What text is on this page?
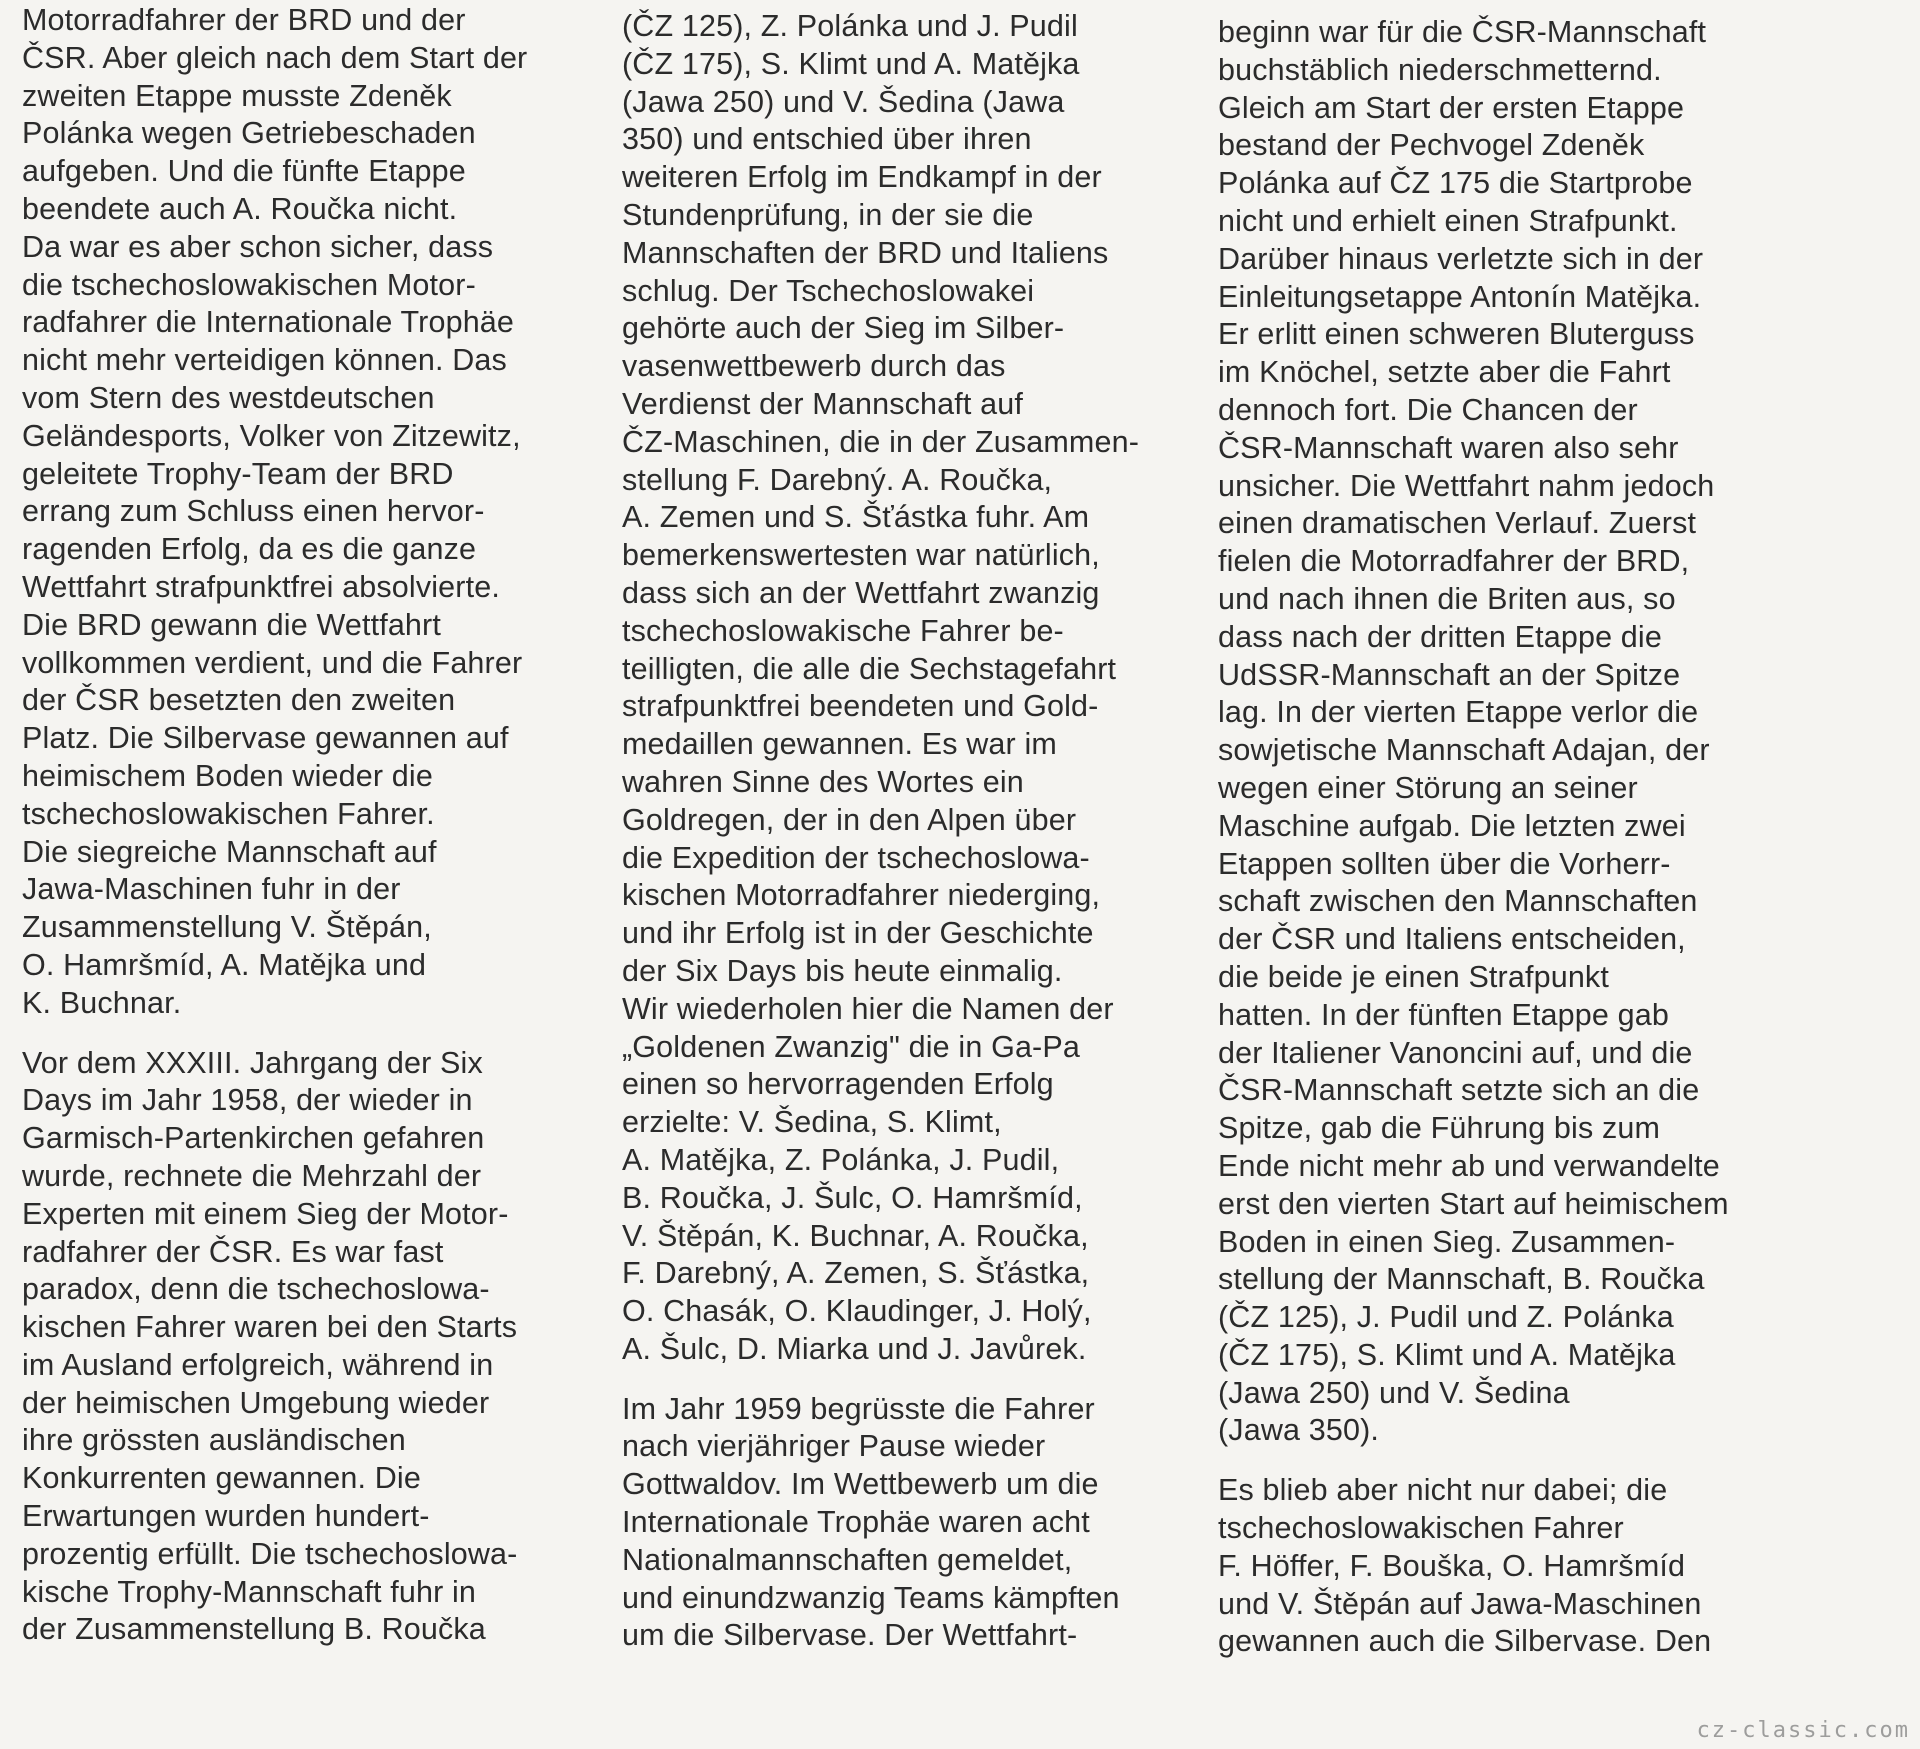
Motorradfahrer der BRD und der
ČSR. Aber gleich nach dem Start der
zweiten Etappe musste Zdeněk
Polánka wegen Getriebeschaden
aufgeben. Und die fünfte Etappe
beendete auch A. Roučka nicht.
Da war es aber schon sicher, dass
die tschechoslowakischen Motor-
radfahrer die Internationale Trophäe
nicht mehr verteidigen können. Das
vom Stern des westdeutschen
Geländesports, Volker von Zitzewitz,
geleitete Trophy-Team der BRD
errang zum Schluss einen hervor-
ragenden Erfolg, da es die ganze
Wettfahrt strafpunktfrei absolvierte.
Die BRD gewann die Wettfahrt
vollkommen verdient, und die Fahrer
der ČSR besetzten den zweiten
Platz. Die Silbervase gewannen auf
heimischem Boden wieder die
tschechoslowakischen Fahrer.
Die siegreiche Mannschaft auf
Jawa-Maschinen fuhr in der
Zusammenstellung V. Štěpán,
O. Hamršmíd, A. Matějka und
K. Buchnar.

Vor dem XXXIII. Jahrgang der Six
Days im Jahr 1958, der wieder in
Garmisch-Partenkirchen gefahren
wurde, rechnete die Mehrzahl der
Experten mit einem Sieg der Motor-
radfahrer der ČSR. Es war fast
paradox, denn die tschechoslowa-
kischen Fahrer waren bei den Starts
im Ausland erfolgreich, während in
der heimischen Umgebung wieder
ihre grössten ausländischen
Konkurrenten gewannen. Die
Erwartungen wurden hundert-
prozentig erfüllt. Die tschechoslowa-
kische Trophy-Mannschaft fuhr in
der Zusammenstellung B. Roučka

(ČZ 125), Z. Polánka und J. Pudil
(ČZ 175), S. Klimt und A. Matějka
(Jawa 250) und V. Šedina (Jawa
350) und entschied über ihren
weiteren Erfolg im Endkampf in der
Stundenprüfung, in der sie die
Mannschaften der BRD und Italiens
schlug. Der Tschechoslowakei
gehörte auch der Sieg im Silber-
vasenwettbewerb durch das
Verdienst der Mannschaft auf
ČZ-Maschinen, die in der Zusammen-
stellung F. Darebný. A. Roučka,
A. Zemen und S. Šťástka fuhr. Am
bemerkenswertesten war natürlich,
dass sich an der Wettfahrt zwanzig
tschechoslowakische Fahrer be-
teilligten, die alle die Sechstagefahrt
strafpunktfrei beendeten und Gold-
medaillen gewannen. Es war im
wahren Sinne des Wortes ein
Goldregen, der in den Alpen über
die Expedition der tschechoslowa-
kischen Motorradfahrer niederging,
und ihr Erfolg ist in der Geschichte
der Six Days bis heute einmalig.
Wir wiederholen hier die Namen der
„Goldenen Zwanzig" die in Ga-Pa
einen so hervorragenden Erfolg
erzielte: V. Šedina, S. Klimt,
A. Matějka, Z. Polánka, J. Pudil,
B. Roučka, J. Šulc, O. Hamršmíd,
V. Štěpán, K. Buchnar, A. Roučka,
F. Darebný, A. Zemen, S. Šťástka,
O. Chasák, O. Klaudinger, J. Holý,
A. Šulc, D. Miarka und J. Javůrek.

Im Jahr 1959 begrüsste die Fahrer
nach vierjähriger Pause wieder
Gottwaldov. Im Wettbewerb um die
Internationale Trophäe waren acht
Nationalmannschaften gemeldet,
und einundzwanzig Teams kämpften
um die Silbervase. Der Wettfahrt-

beginn war für die ČSR-Mannschaft
buchstäblich niederschmetternd.
Gleich am Start der ersten Etappe
bestand der Pechvogel Zdeněk
Polánka auf ČZ 175 die Startprobe
nicht und erhielt einen Strafpunkt.
Darüber hinaus verletzte sich in der
Einleitungsetappe Antonín Matějka.
Er erlitt einen schweren Bluterguss
im Knöchel, setzte aber die Fahrt
dennoch fort. Die Chancen der
ČSR-Mannschaft waren also sehr
unsicher. Die Wettfahrt nahm jedoch
einen dramatischen Verlauf. Zuerst
fielen die Motorradfahrer der BRD,
und nach ihnen die Briten aus, so
dass nach der dritten Etappe die
UdSSR-Mannschaft an der Spitze
lag. In der vierten Etappe verlor die
sowjetische Mannschaft Adajan, der
wegen einer Störung an seiner
Maschine aufgab. Die letzten zwei
Etappen sollten über die Vorherr-
schaft zwischen den Mannschaften
der ČSR und Italiens entscheiden,
die beide je einen Strafpunkt
hatten. In der fünften Etappe gab
der Italiener Vanoncini auf, und die
ČSR-Mannschaft setzte sich an die
Spitze, gab die Führung bis zum
Ende nicht mehr ab und verwandelte
erst den vierten Start auf heimischem
Boden in einen Sieg. Zusammen-
stellung der Mannschaft, B. Roučka
(ČZ 125), J. Pudil und Z. Polánka
(ČZ 175), S. Klimt und A. Matějka
(Jawa 250) und V. Šedina
(Jawa 350).

Es blieb aber nicht nur dabei; die
tschechoslowakischen Fahrer
F. Höffer, F. Bouška, O. Hamršmíd
und V. Štěpán auf Jawa-Maschinen
gewannen auch die Silbervase. Den

cz-classic.com
